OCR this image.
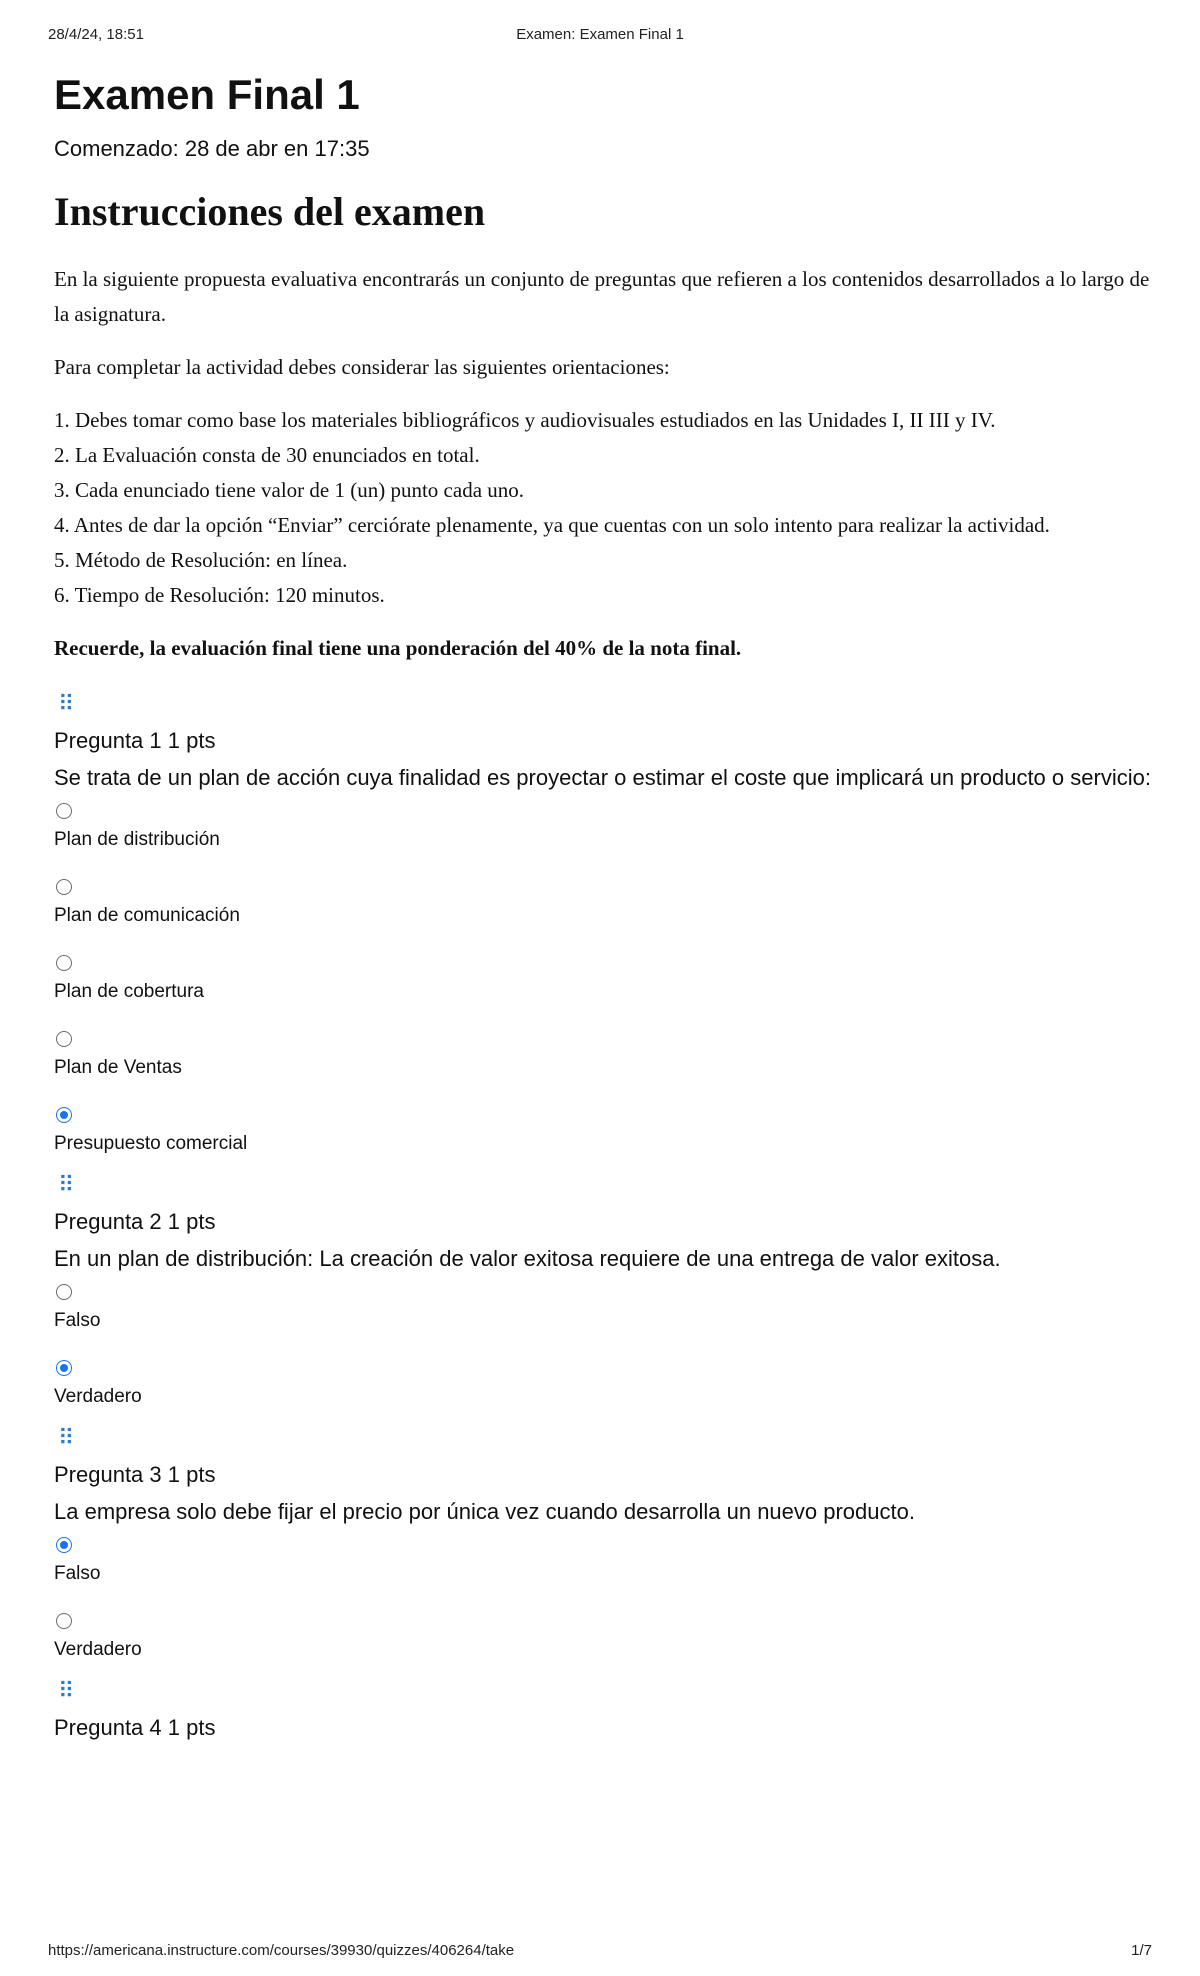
28/4/24, 18:51	Examen: Examen Final 1
Examen Final 1
Comenzado: 28 de abr en 17:35
Instrucciones del examen

En la siguiente propuesta evaluativa encontrarás un conjunto de preguntas que refieren a los contenidos desarrollados a lo largo de la asignatura.

Para completar la actividad debes considerar las siguientes orientaciones:

1. Debes tomar como base los materiales bibliográficos y audiovisuales estudiados en las Unidades I, II III y IV.
2. La Evaluación consta de 30 enunciados en total.
3. Cada enunciado tiene valor de 1 (un) punto cada uno.
4. Antes de dar la opción “Enviar” cerciórate plenamente, ya que cuentas con un solo intento para realizar la actividad.
5. Método de Resolución: en línea.
6. Tiempo de Resolución: 120 minutos.

Recuerde, la evaluación final tiene una ponderación del 40% de la nota final.

⠿
Pregunta 1 1 pts
Se trata de un plan de acción cuya finalidad es proyectar o estimar el coste que implicará un producto o servicio:
Plan de distribución
Plan de comunicación
Plan de cobertura
Plan de Ventas
Presupuesto comercial
⠿
Pregunta 2 1 pts
En un plan de distribución: La creación de valor exitosa requiere de una entrega de valor exitosa.
Falso
Verdadero
⠿
Pregunta 3 1 pts
La empresa solo debe fijar el precio por única vez cuando desarrolla un nuevo producto.
Falso
Verdadero
⠿
Pregunta 4 1 pts
https://americana.instructure.com/courses/39930/quizzes/406264/take	1/7
